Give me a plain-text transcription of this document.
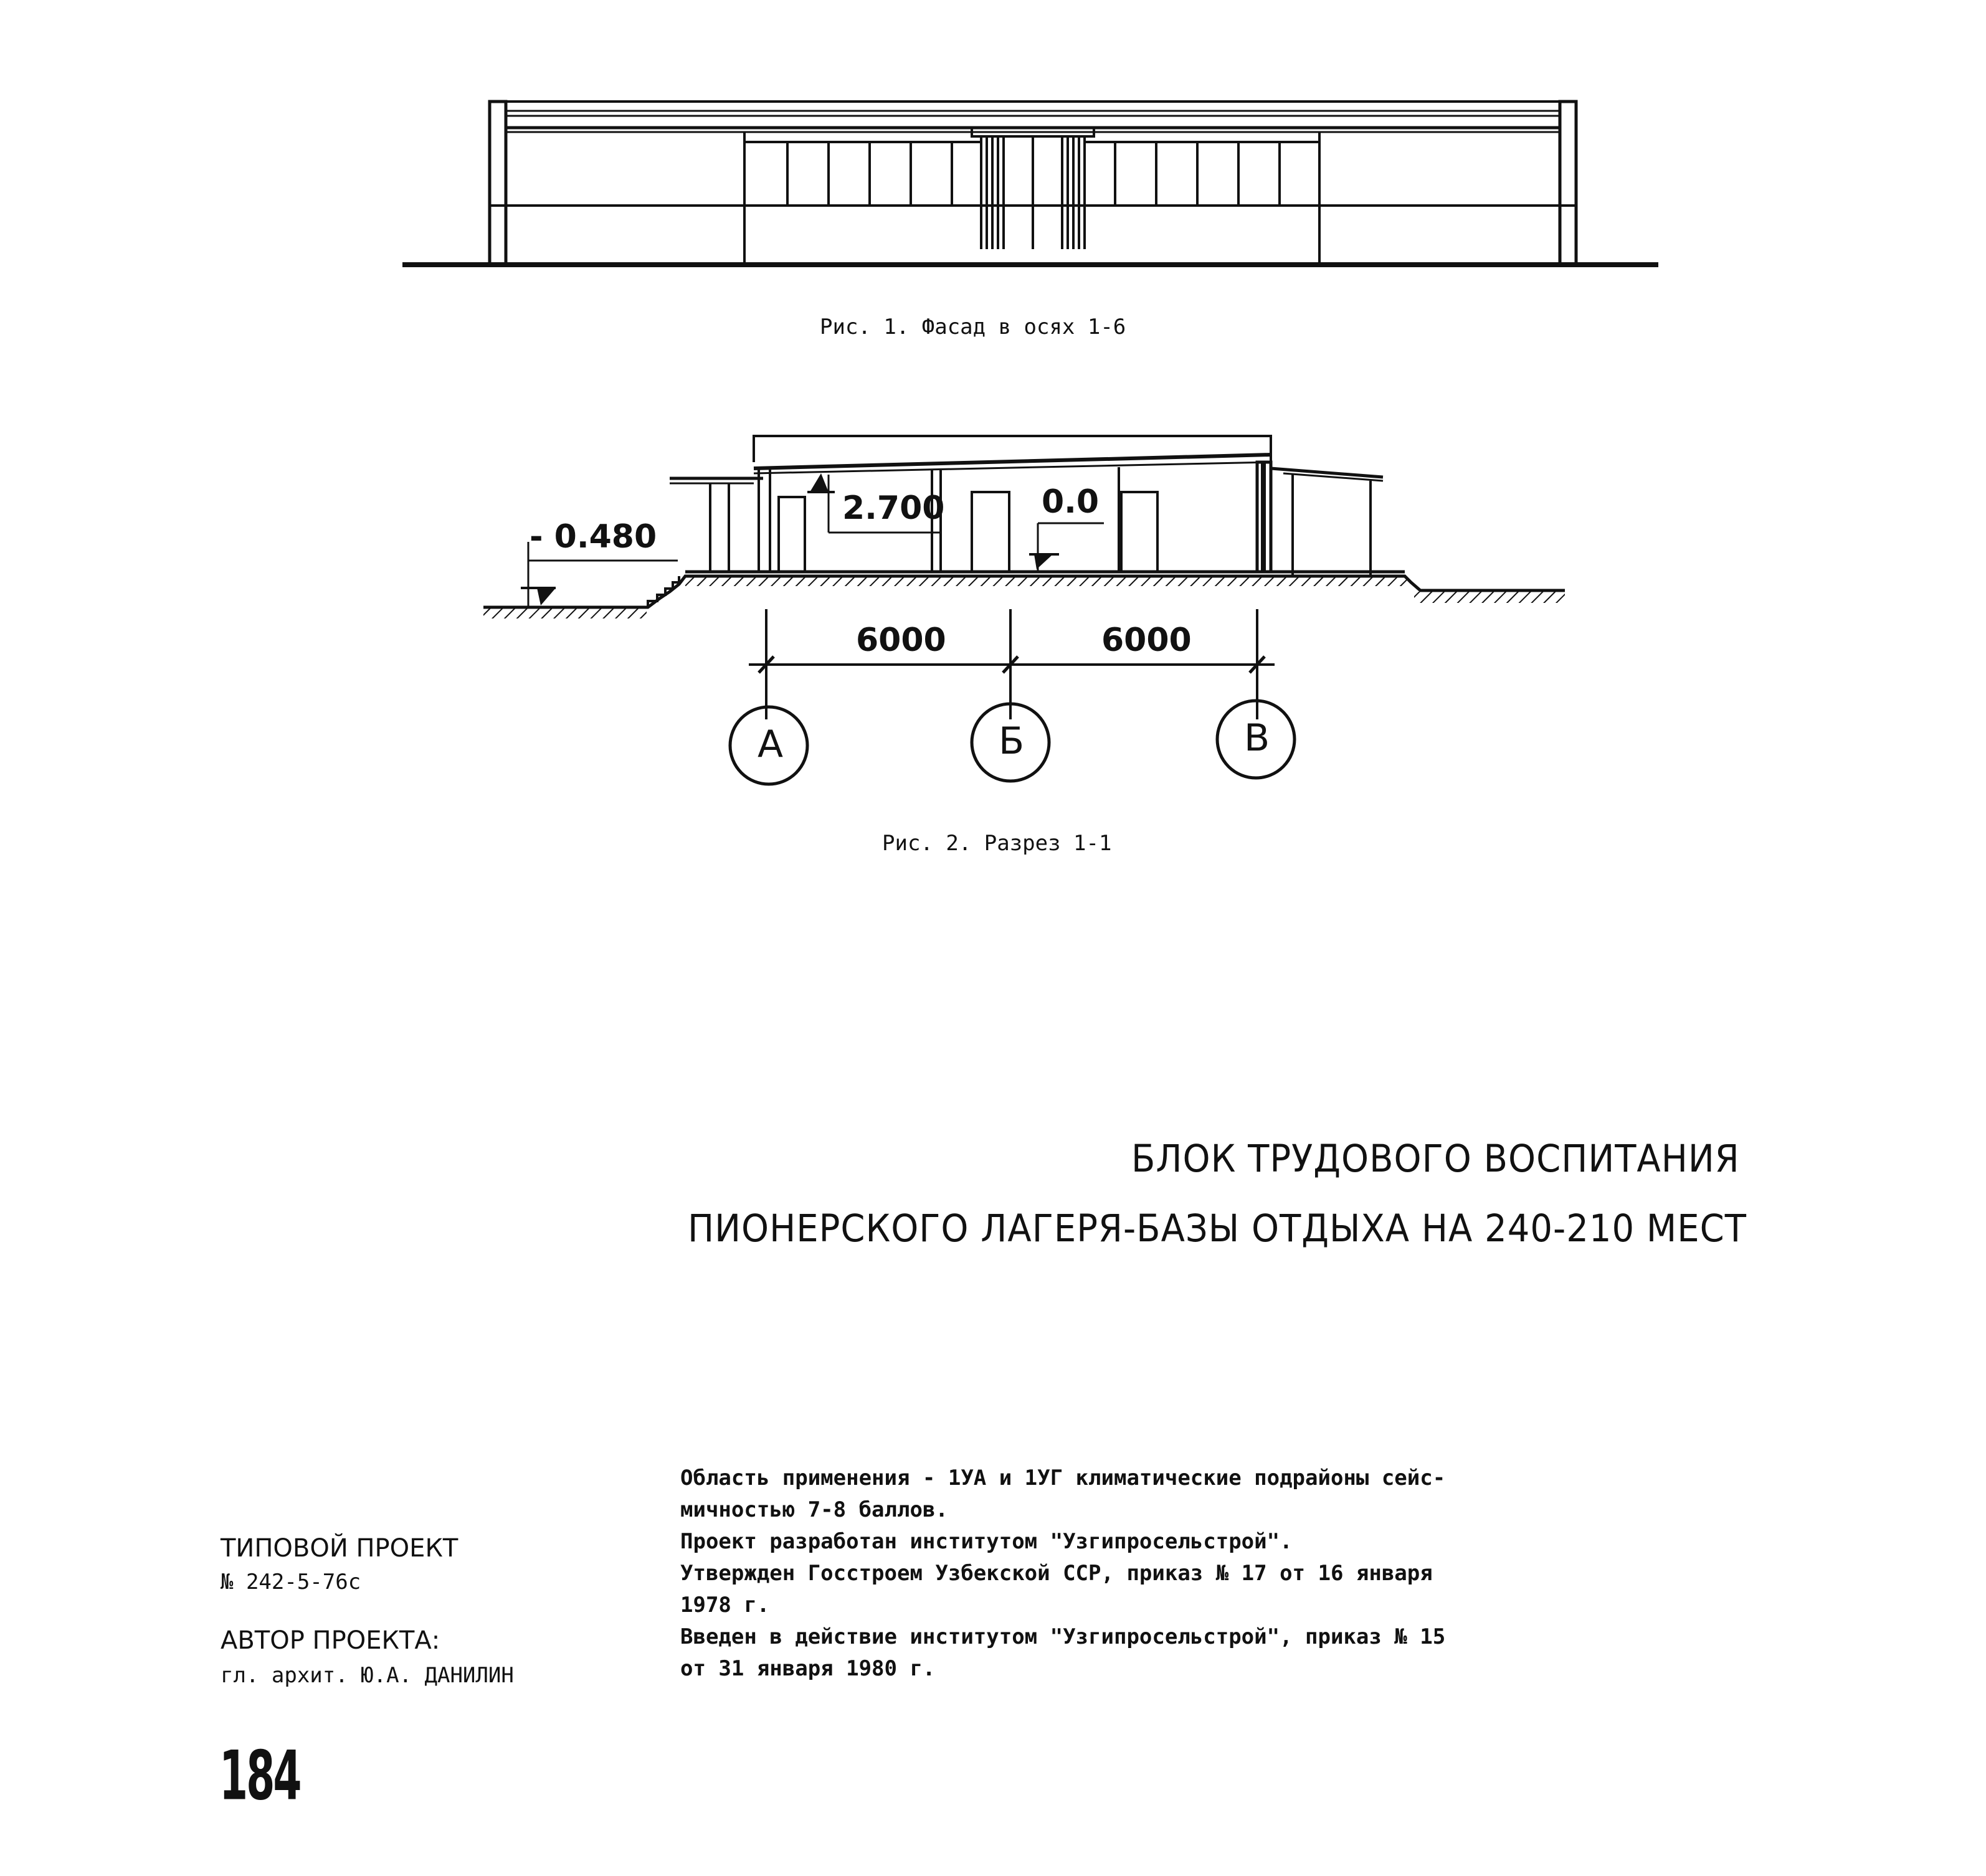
Рис. 1. Фасад в осях 1-6
- 0.480
2.700	0.0
6000	6000
А	Б	В
Рис. 2. Разрез 1-1
БЛОК ТРУДОВОГО ВОСПИТАНИЯ
ПИОНЕРСКОГО ЛАГЕРЯ-БАЗЫ ОТДЫХА НА 240-210 МЕСТ
ТИПОВОЙ ПРОЕКТ
№ 242-5-76с
АВТОР ПРОЕКТА:
гл. архит. Ю.А. ДАНИЛИН

Область применения - 1УА и 1УГ климатические подрайоны сейс-

мичностью 7-8 баллов.

Проект разработан институтом "Узгипросельстрой".

Утвержден Госстроем Узбекской ССР, приказ № 17 от 16 января

1978 г.

Введен в действие институтом "Узгипросельстрой", приказ № 15

от 31 января 1980 г.

184
